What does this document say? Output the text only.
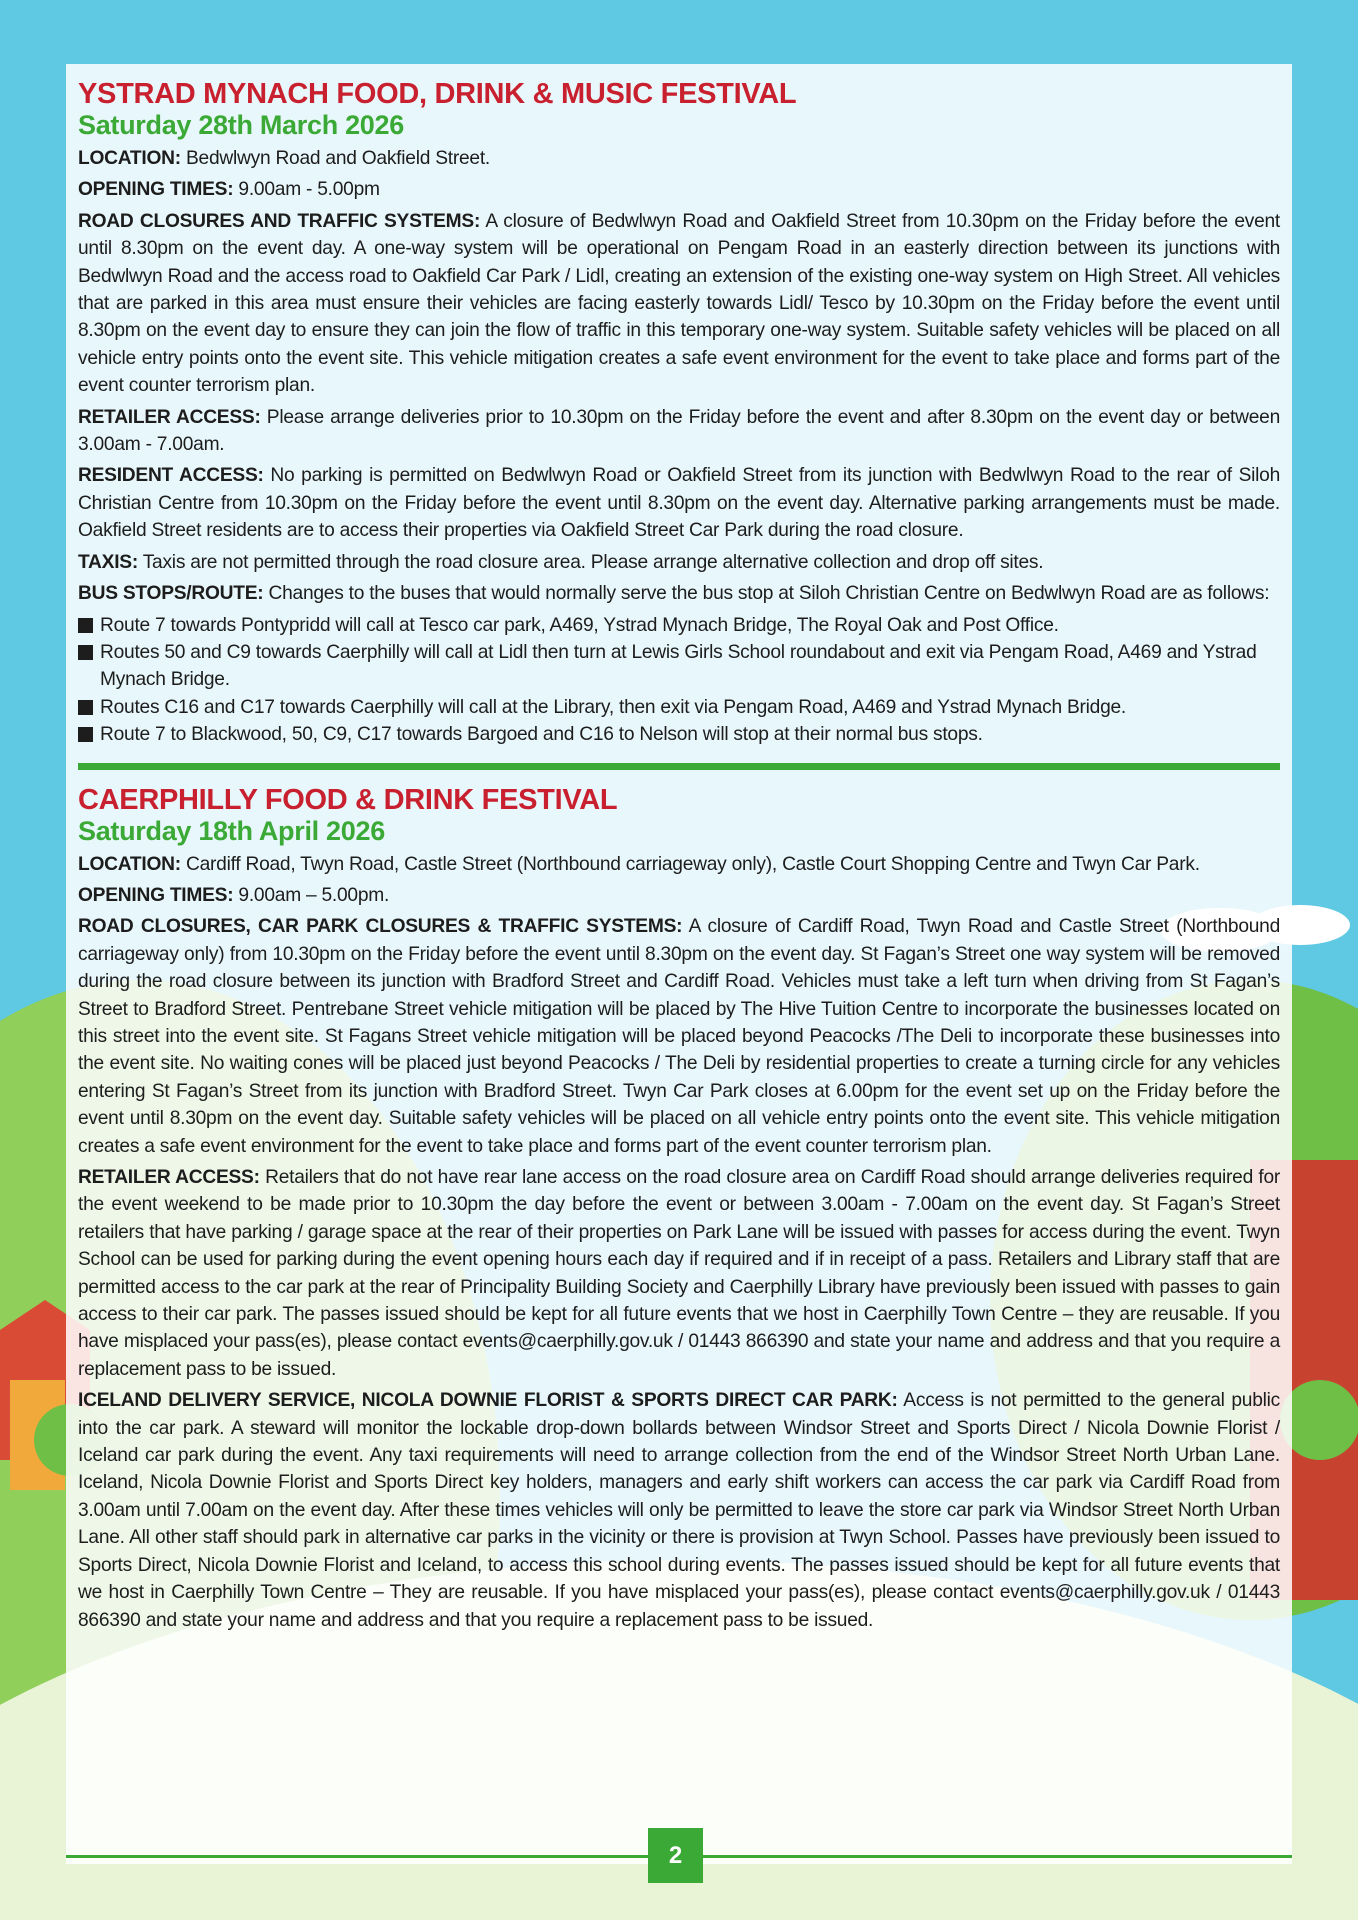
YSTRAD MYNACH FOOD, DRINK & MUSIC FESTIVAL
Saturday 28th March 2026

LOCATION: Bedwlwyn Road and Oakfield Street.

OPENING TIMES: 9.00am - 5.00pm

ROAD CLOSURES AND TRAFFIC SYSTEMS: A closure of Bedwlwyn Road and Oakfield Street from 10.30pm on the Friday before the event until 8.30pm on the event day. A one-way system will be operational on Pengam Road in an easterly direction between its junctions with Bedwlwyn Road and the access road to Oakfield Car Park / Lidl, creating an extension of the existing one-way system on High Street. All vehicles that are parked in this area must ensure their vehicles are facing easterly towards Lidl/ Tesco by 10.30pm on the Friday before the event until 8.30pm on the event day to ensure they can join the flow of traffic in this temporary one-way system. Suitable safety vehicles will be placed on all vehicle entry points onto the event site. This vehicle mitigation creates a safe event environment for the event to take place and forms part of the event counter terrorism plan.

RETAILER ACCESS: Please arrange deliveries prior to 10.30pm on the Friday before the event and after 8.30pm on the event day or between 3.00am - 7.00am.

RESIDENT ACCESS: No parking is permitted on Bedwlwyn Road or Oakfield Street from its junction with Bedwlwyn Road to the rear of Siloh Christian Centre from 10.30pm on the Friday before the event until 8.30pm on the event day. Alternative parking arrangements must be made. Oakfield Street residents are to access their properties via Oakfield Street Car Park during the road closure.

TAXIS: Taxis are not permitted through the road closure area. Please arrange alternative collection and drop off sites.

BUS STOPS/ROUTE: Changes to the buses that would normally serve the bus stop at Siloh Christian Centre on Bedwlwyn Road are as follows:

Route 7 towards Pontypridd will call at Tesco car park, A469, Ystrad Mynach Bridge, The Royal Oak and Post Office.
Routes 50 and C9 towards Caerphilly will call at Lidl then turn at Lewis Girls School roundabout and exit via Pengam Road, A469 and Ystrad Mynach Bridge.
Routes C16 and C17 towards Caerphilly will call at the Library, then exit via Pengam Road, A469 and Ystrad Mynach Bridge.
Route 7 to Blackwood, 50, C9, C17 towards Bargoed and C16 to Nelson will stop at their normal bus stops.
CAERPHILLY FOOD & DRINK FESTIVAL
Saturday 18th April 2026

LOCATION: Cardiff Road, Twyn Road, Castle Street (Northbound carriageway only), Castle Court Shopping Centre and Twyn Car Park.

OPENING TIMES: 9.00am – 5.00pm.

ROAD CLOSURES, CAR PARK CLOSURES & TRAFFIC SYSTEMS: A closure of Cardiff Road, Twyn Road and Castle Street (Northbound carriageway only) from 10.30pm on the Friday before the event until 8.30pm on the event day. St Fagan’s Street one way system will be removed during the road closure between its junction with Bradford Street and Cardiff Road. Vehicles must take a left turn when driving from St Fagan’s Street to Bradford Street. Pentrebane Street vehicle mitigation will be placed by The Hive Tuition Centre to incorporate the businesses located on this street into the event site. St Fagans Street vehicle mitigation will be placed beyond Peacocks /The Deli to incorporate these businesses into the event site. No waiting cones will be placed just beyond Peacocks / The Deli by residential properties to create a turning circle for any vehicles entering St Fagan’s Street from its junction with Bradford Street. Twyn Car Park closes at 6.00pm for the event set up on the Friday before the event until 8.30pm on the event day. Suitable safety vehicles will be placed on all vehicle entry points onto the event site. This vehicle mitigation creates a safe event environment for the event to take place and forms part of the event counter terrorism plan.

RETAILER ACCESS: Retailers that do not have rear lane access on the road closure area on Cardiff Road should arrange deliveries required for the event weekend to be made prior to 10.30pm the day before the event or between 3.00am - 7.00am on the event day. St Fagan’s Street retailers that have parking / garage space at the rear of their properties on Park Lane will be issued with passes for access during the event. Twyn School can be used for parking during the event opening hours each day if required and if in receipt of a pass. Retailers and Library staff that are permitted access to the car park at the rear of Principality Building Society and Caerphilly Library have previously been issued with passes to gain access to their car park. The passes issued should be kept for all future events that we host in Caerphilly Town Centre – they are reusable. If you have misplaced your pass(es), please contact events@caerphilly.gov.uk / 01443 866390 and state your name and address and that you require a replacement pass to be issued.

ICELAND DELIVERY SERVICE, NICOLA DOWNIE FLORIST & SPORTS DIRECT CAR PARK: Access is not permitted to the general public into the car park. A steward will monitor the lockable drop-down bollards between Windsor Street and Sports Direct / Nicola Downie Florist / Iceland car park during the event. Any taxi requirements will need to arrange collection from the end of the Windsor Street North Urban Lane. Iceland, Nicola Downie Florist and Sports Direct key holders, managers and early shift workers can access the car park via Cardiff Road from 3.00am until 7.00am on the event day. After these times vehicles will only be permitted to leave the store car park via Windsor Street North Urban Lane. All other staff should park in alternative car parks in the vicinity or there is provision at Twyn School. Passes have previously been issued to Sports Direct, Nicola Downie Florist and Iceland, to access this school during events. The passes issued should be kept for all future events that we host in Caerphilly Town Centre – They are reusable. If you have misplaced your pass(es), please contact events@caerphilly.gov.uk / 01443 866390 and state your name and address and that you require a replacement pass to be issued.

2
